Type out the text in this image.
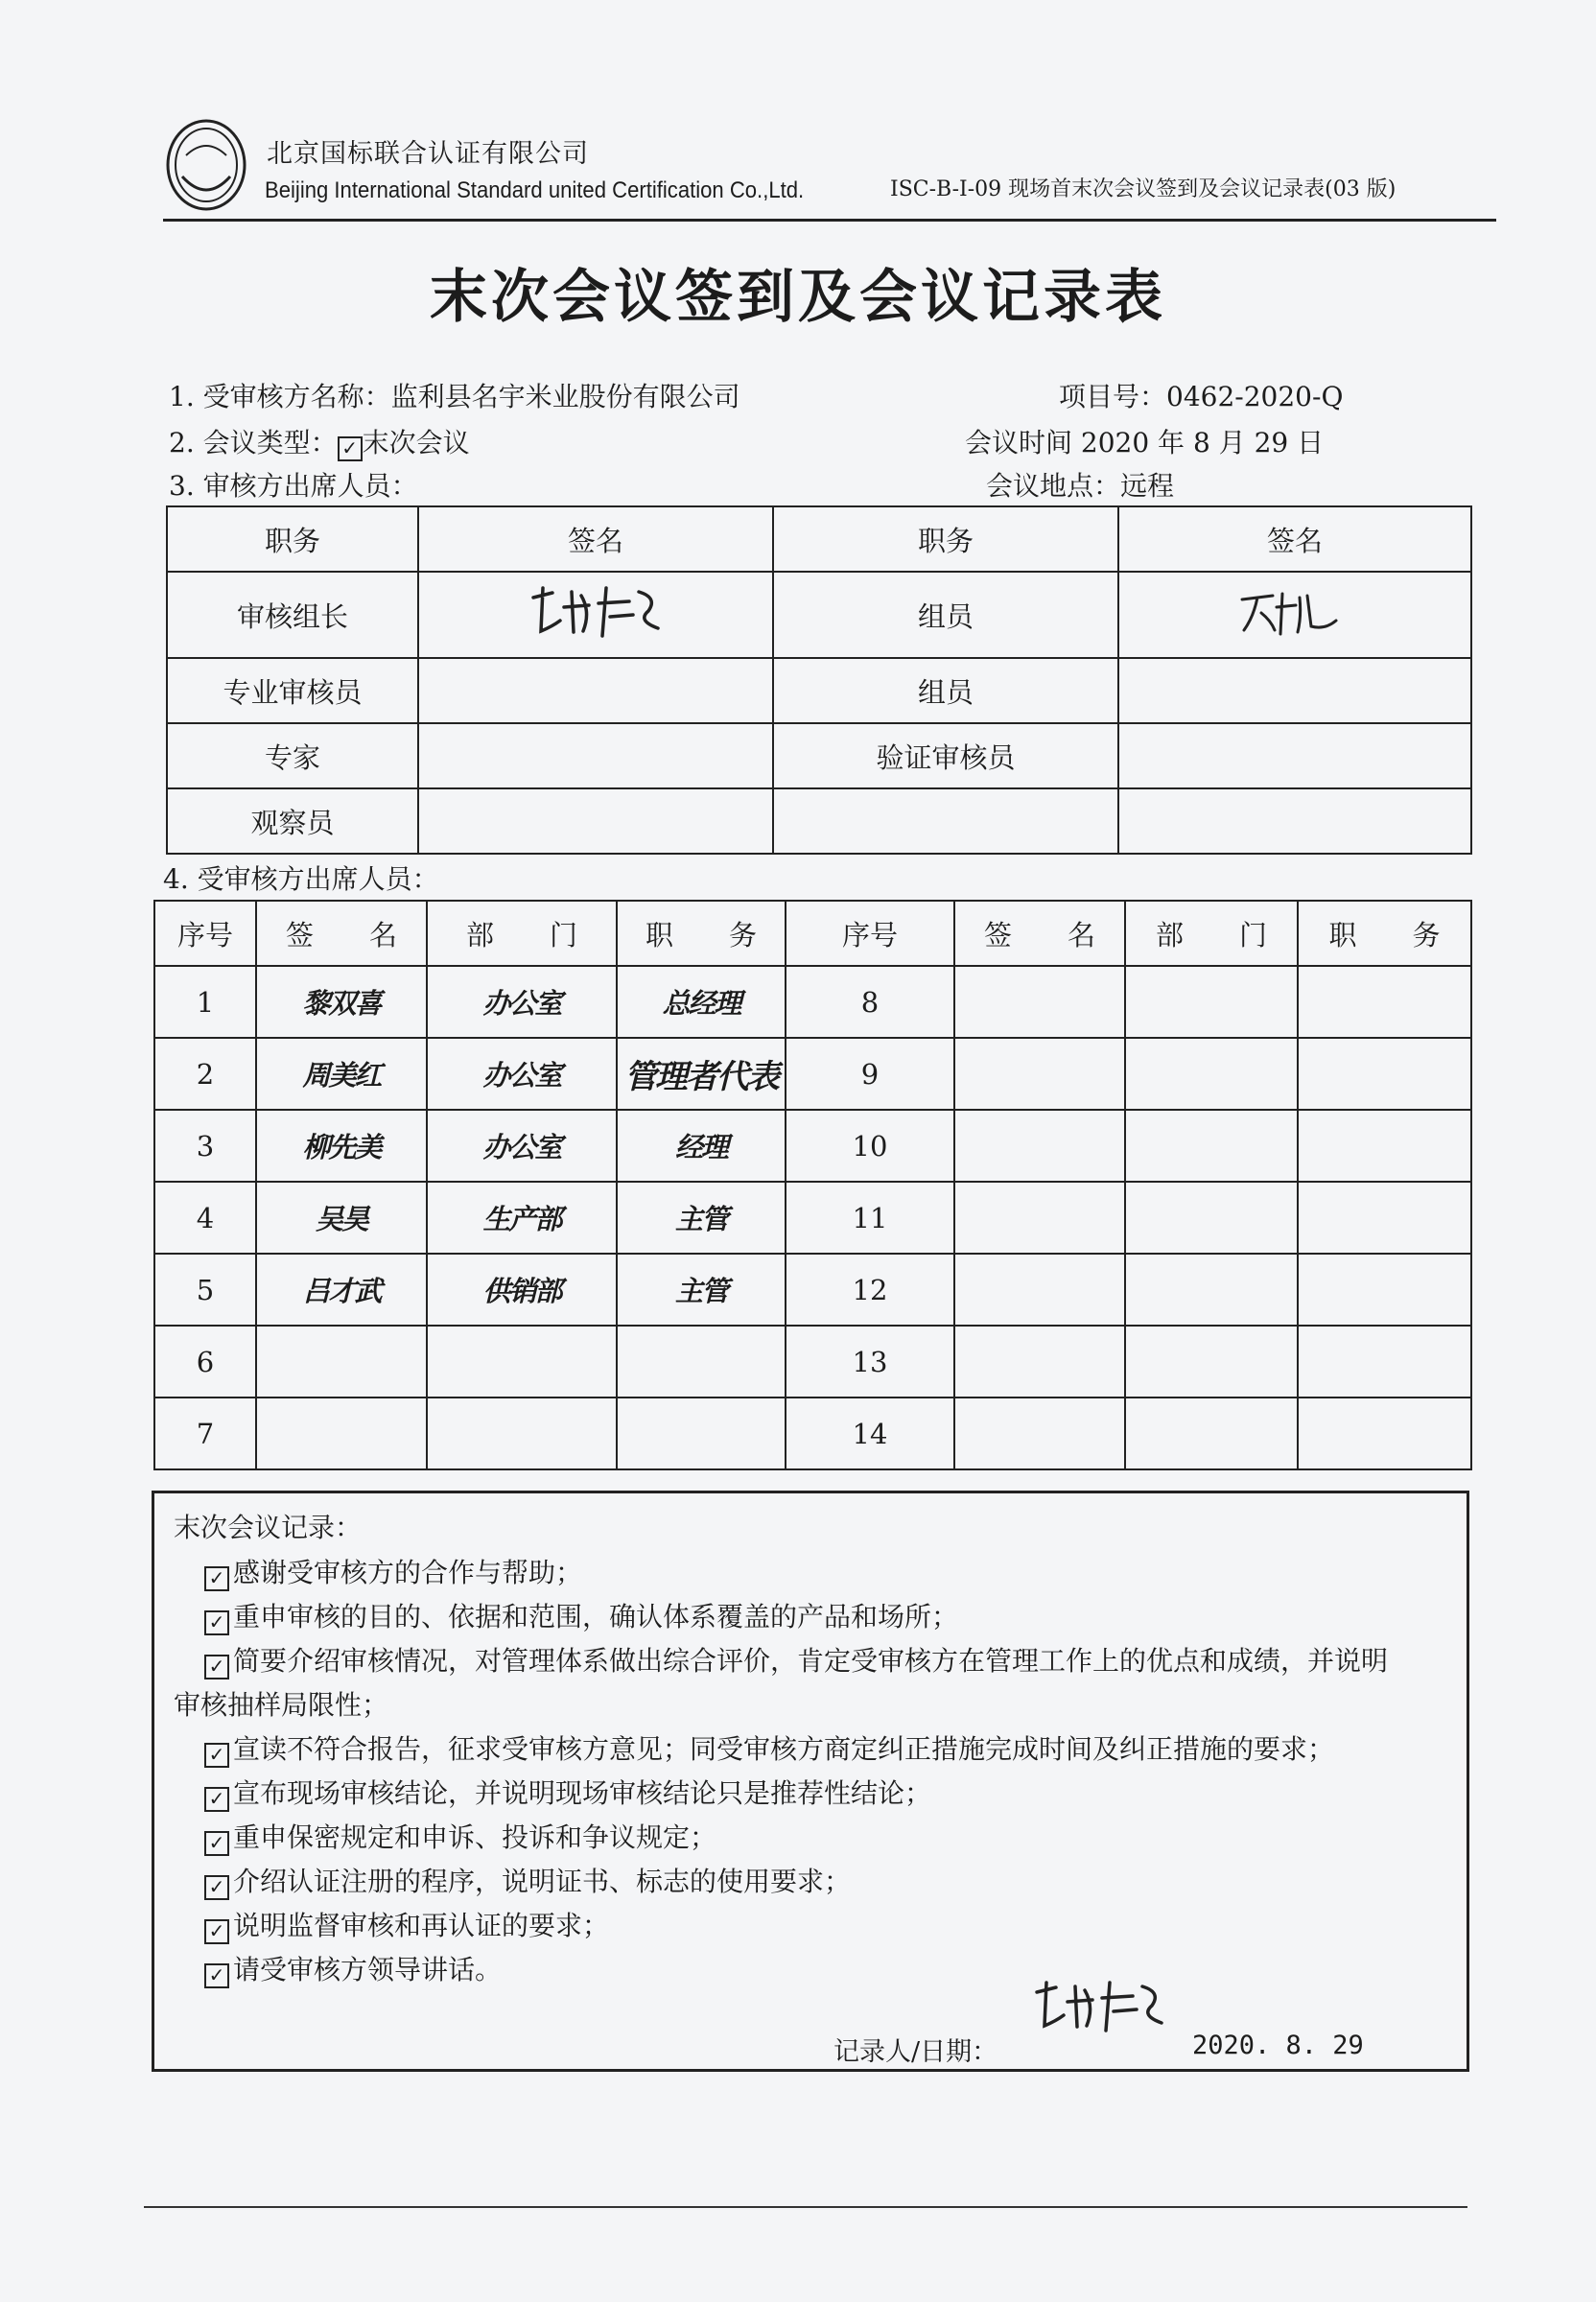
北京国标联合认证有限公司
Beijing International Standard united Certification Co.,Ltd.	ISC-B-I-09 现场首末次会议签到及会议记录表(03 版)
末次会议签到及会议记录表
1. 受审核方名称：监利县名宇米业股份有限公司	项目号：0462-2020-Q
2. 会议类型： ✓ 末次会议	会议时间 2020 年 8 月 29 日
3. 审核方出席人员：	会议地点：远程
职务	签名	职务	签名
审核组长		组员	
专业审核员		组员	
专家		验证审核员	
观察员			
4. 受审核方出席人员：
序号	签　　名	部　　门	职　　务	序号	签　　名	部　　门	职　　务
1	黎双喜	办公室	总经理	8			
2	周美红	办公室	管理者代表	9			
3	柳先美	办公室	经理	10			
4	吴昊	生产部	主管	11			
5	吕才武	供销部	主管	12			
6				13			
7				14			
末次会议记录：
✓ 感谢受审核方的合作与帮助；
✓ 重申审核的目的、依据和范围，确认体系覆盖的产品和场所；
✓ 简要介绍审核情况，对管理体系做出综合评价，肯定受审核方在管理工作上的优点和成绩，并说明
审核抽样局限性；
✓ 宣读不符合报告，征求受审核方意见；同受审核方商定纠正措施完成时间及纠正措施的要求；
✓ 宣布现场审核结论，并说明现场审核结论只是推荐性结论；
✓ 重申保密规定和申诉、投诉和争议规定；
✓ 介绍认证注册的程序，说明证书、标志的使用要求；
✓ 说明监督审核和再认证的要求；
✓ 请受审核方领导讲话。
记录人/日期：	2020. 8. 29
